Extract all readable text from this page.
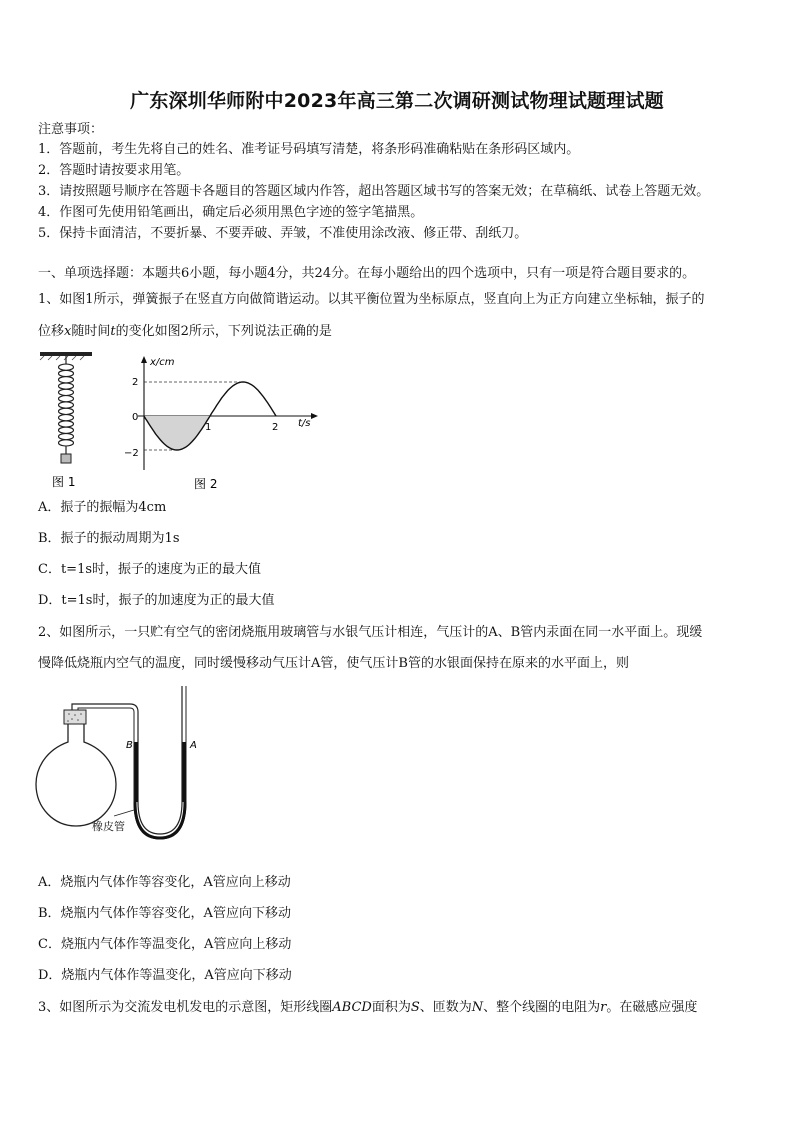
广东深圳华师附中2023年高三第二次调研测试物理试题理试题
注意事项：
1．答题前，考生先将自己的姓名、准考证号码填写清楚，将条形码准确粘贴在条形码区域内。
2．答题时请按要求用笔。
3．请按照题号顺序在答题卡各题目的答题区域内作答，超出答题区域书写的答案无效；在草稿纸、试卷上答题无效。
4．作图可先使用铅笔画出，确定后必须用黑色字迹的签字笔描黑。
5．保持卡面清洁，不要折暴、不要弄破、弄皱，不准使用涂改液、修正带、刮纸刀。
一、单项选择题：本题共6小题，每小题4分，共24分。在每小题给出的四个选项中，只有一项是符合题目要求的。
1、如图1所示，弹簧振子在竖直方向做简谐运动。以其平衡位置为坐标原点，竖直向上为正方向建立坐标轴，振子的
位移x随时间t的变化如图2所示，下列说法正确的是
图 1
x/cm
t/s
2
0
−2
1	2
图 2
A．振子的振幅为4cm
B．振子的振动周期为1s
C．t=1s时，振子的速度为正的最大值
D．t=1s时，振子的加速度为正的最大值
2、如图所示，一只贮有空气的密闭烧瓶用玻璃管与水银气压计相连，气压计的A、B管内汞面在同一水平面上。现缓
慢降低烧瓶内空气的温度，同时缓慢移动气压计A管，使气压计B管的水银面保持在原来的水平面上，则
B	A
橡皮管
A．烧瓶内气体作等容变化，A管应向上移动
B．烧瓶内气体作等容变化，A管应向下移动
C．烧瓶内气体作等温变化，A管应向上移动
D．烧瓶内气体作等温变化，A管应向下移动
3、如图所示为交流发电机发电的示意图，矩形线圈ABCD面积为S、匝数为N、整个线圈的电阻为r。在磁感应强度
